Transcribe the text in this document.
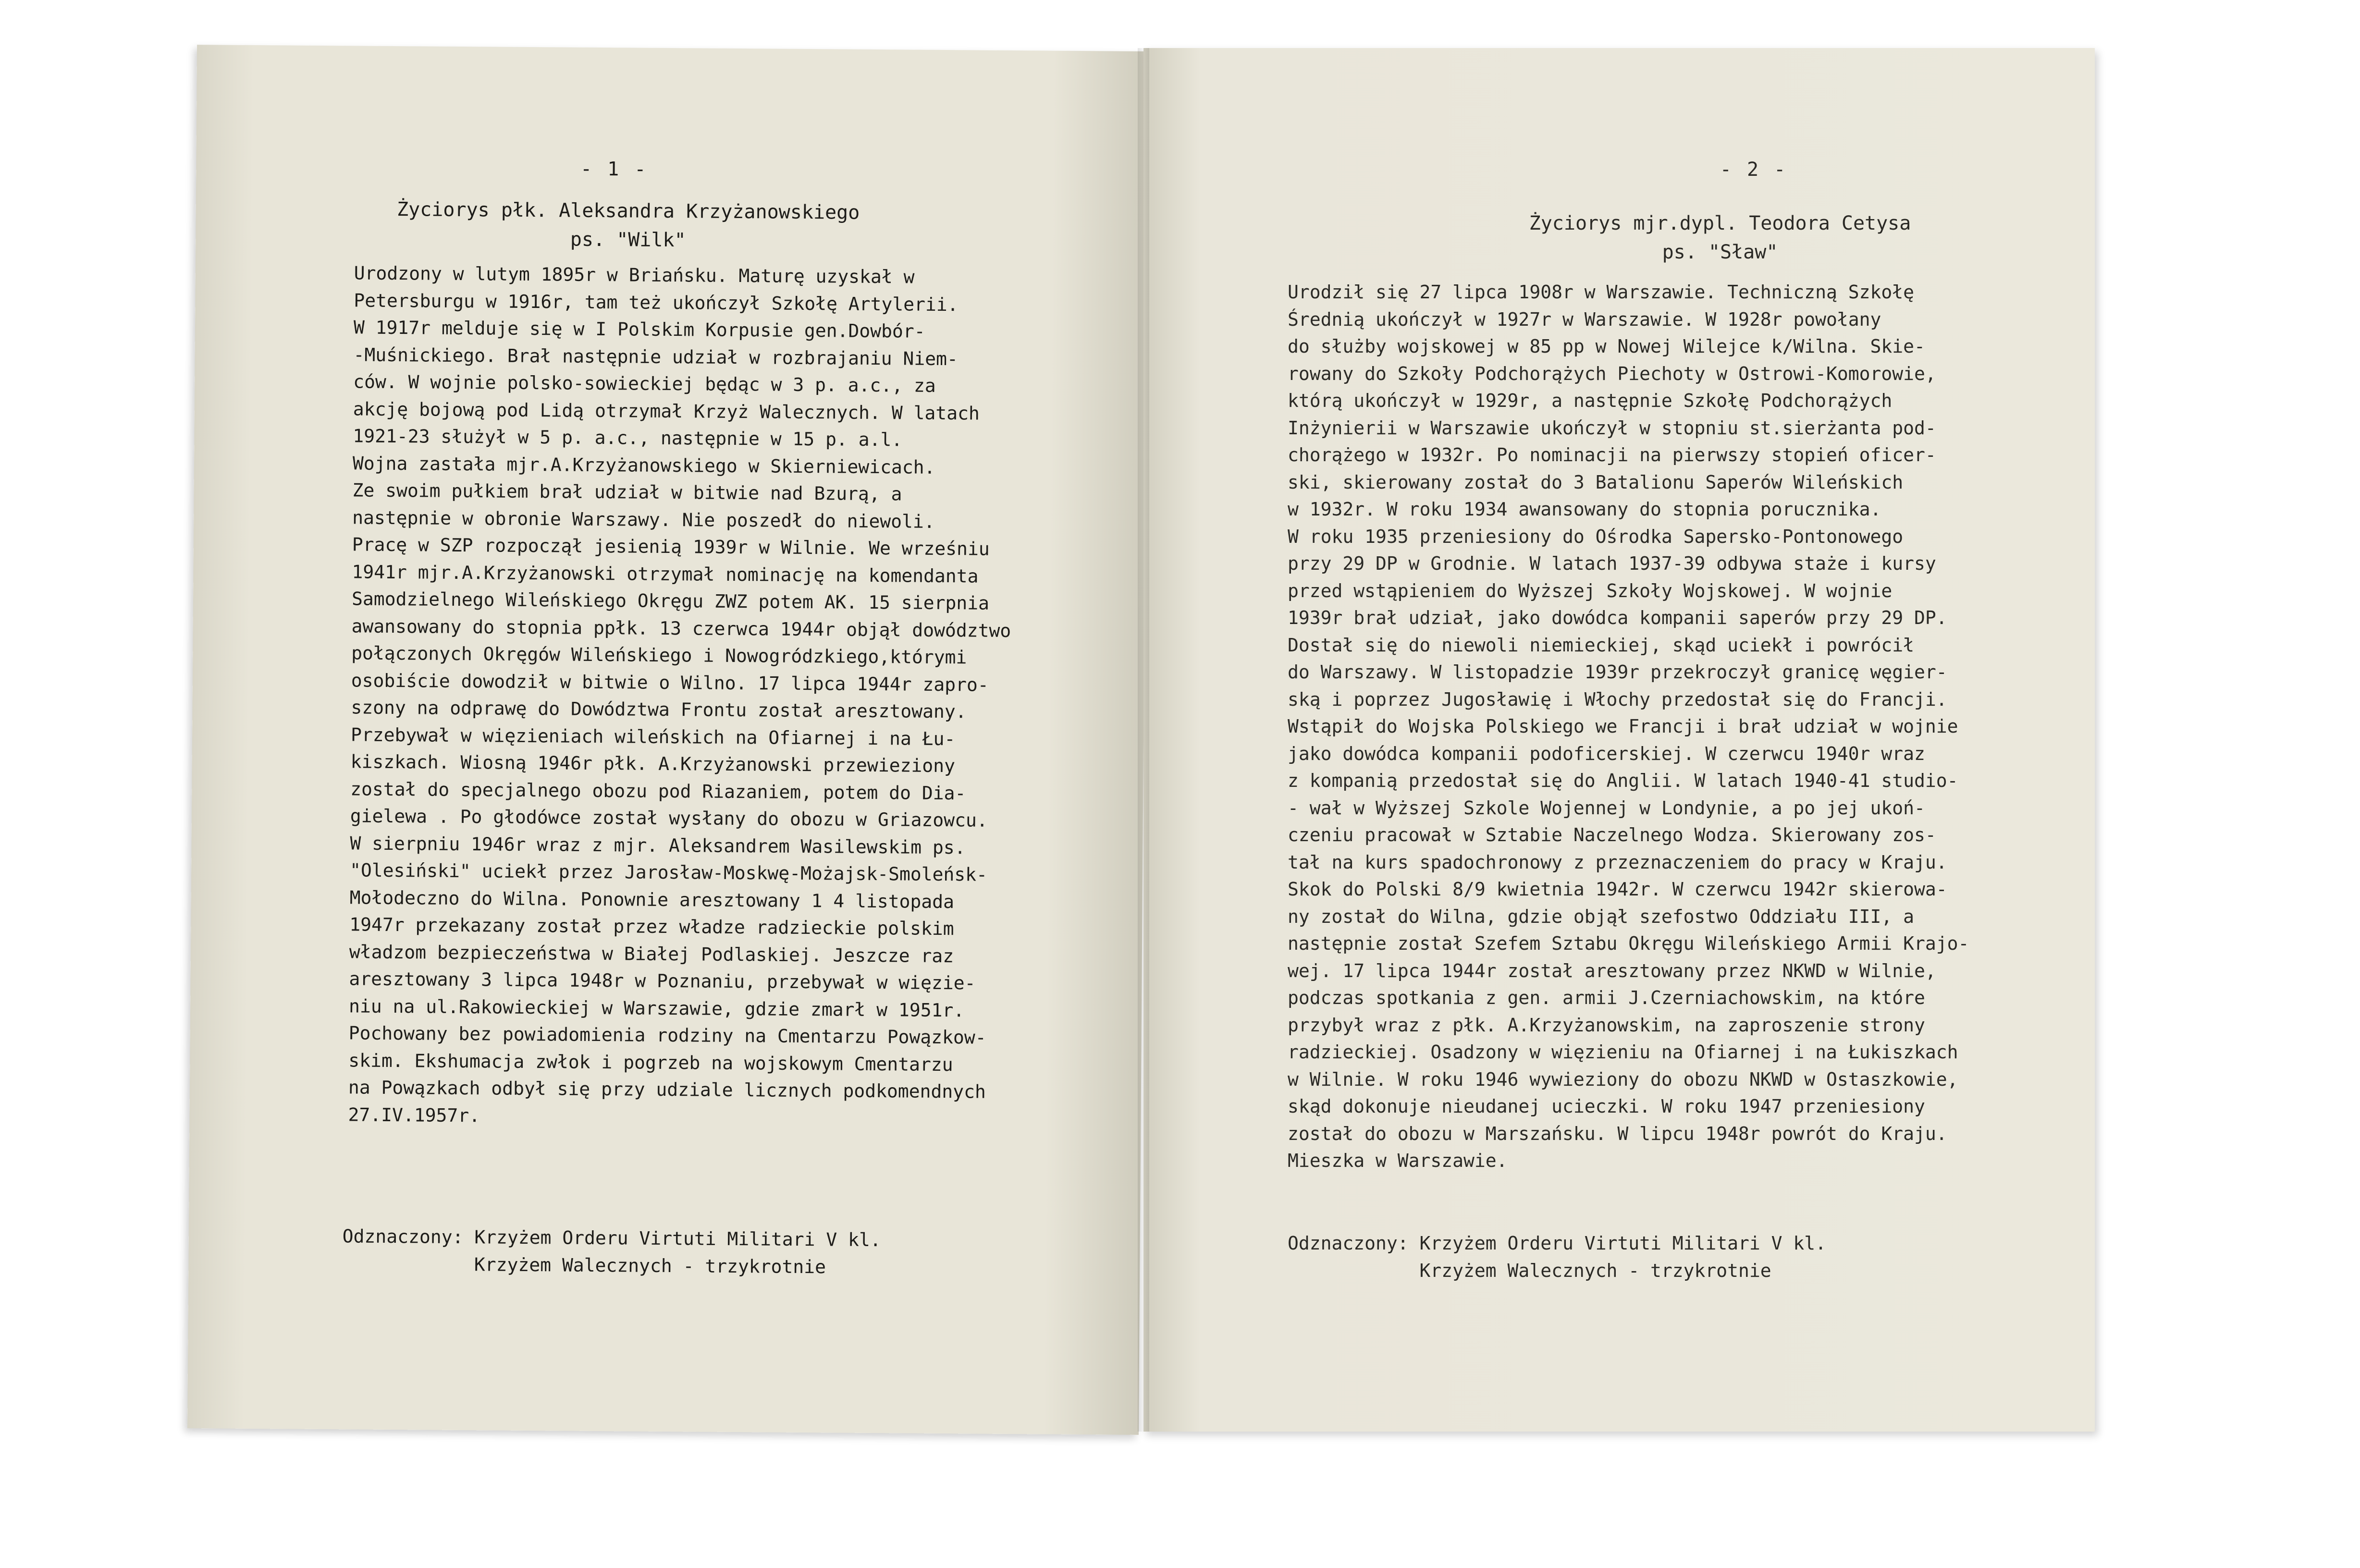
- 1 -
Życiorys płk. Aleksandra Krzyżanowskiego
ps. "Wilk"
Urodzony w lutym 1895r w Briańsku. Maturę uzyskał w
Petersburgu w 1916r, tam też ukończył Szkołę Artylerii.
W 1917r melduje się w I Polskim Korpusie gen.Dowbór-
-Muśnickiego. Brał następnie udział w rozbrajaniu Niem-
ców. W wojnie polsko-sowieckiej będąc w 3 p. a.c., za
akcję bojową pod Lidą otrzymał Krzyż Walecznych. W latach
1921-23 służył w 5 p. a.c., następnie w 15 p. a.l.
Wojna zastała mjr.A.Krzyżanowskiego w Skierniewicach.
Ze swoim pułkiem brał udział w bitwie nad Bzurą, a
następnie w obronie Warszawy. Nie poszedł do niewoli.
Pracę w SZP rozpoczął jesienią 1939r w Wilnie. We wrześniu
1941r mjr.A.Krzyżanowski otrzymał nominację na komendanta
Samodzielnego Wileńskiego Okręgu ZWZ potem AK. 15 sierpnia
awansowany do stopnia ppłk. 13 czerwca 1944r objął dowództwo
połączonych Okręgów Wileńskiego i Nowogródzkiego,którymi
osobiście dowodził w bitwie o Wilno. 17 lipca 1944r zapro-
szony na odprawę do Dowództwa Frontu został aresztowany.
Przebywał w więzieniach wileńskich na Ofiarnej i na Łu-
kiszkach. Wiosną 1946r płk. A.Krzyżanowski przewieziony
został do specjalnego obozu pod Riazaniem, potem do Dia-
gielewa . Po głodówce został wysłany do obozu w Griazowcu.
W sierpniu 1946r wraz z mjr. Aleksandrem Wasilewskim ps.
"Olesiński" uciekł przez Jarosław-Moskwę-Możajsk-Smoleńsk-
Mołodeczno do Wilna. Ponownie aresztowany 1 4 listopada
1947r przekazany został przez władze radzieckie polskim
władzom bezpieczeństwa w Białej Podlaskiej. Jeszcze raz
aresztowany 3 lipca 1948r w Poznaniu, przebywał w więzie-
niu na ul.Rakowieckiej w Warszawie, gdzie zmarł w 1951r.
Pochowany bez powiadomienia rodziny na Cmentarzu Powązkow-
skim. Ekshumacja zwłok i pogrzeb na wojskowym Cmentarzu
na Powązkach odbył się przy udziale licznych podkomendnych
27.IV.1957r.
Odznaczony: Krzyżem Orderu Virtuti Militari V kl.
Krzyżem Walecznych - trzykrotnie
- 2 -
Życiorys mjr.dypl. Teodora Cetysa
ps. "Sław"
Urodził się 27 lipca 1908r w Warszawie. Techniczną Szkołę
Średnią ukończył w 1927r w Warszawie. W 1928r powołany
do służby wojskowej w 85 pp w Nowej Wilejce k/Wilna. Skie-
rowany do Szkoły Podchorążych Piechoty w Ostrowi-Komorowie,
którą ukończył w 1929r, a następnie Szkołę Podchorążych
Inżynierii w Warszawie ukończył w stopniu st.sierżanta pod-
chorążego w 1932r. Po nominacji na pierwszy stopień oficer-
ski, skierowany został do 3 Batalionu Saperów Wileńskich
w 1932r. W roku 1934 awansowany do stopnia porucznika.
W roku 1935 przeniesiony do Ośrodka Sapersko-Pontonowego
przy 29 DP w Grodnie. W latach 1937-39 odbywa staże i kursy
przed wstąpieniem do Wyższej Szkoły Wojskowej. W wojnie
1939r brał udział, jako dowódca kompanii saperów przy 29 DP.
Dostał się do niewoli niemieckiej, skąd uciekł i powrócił
do Warszawy. W listopadzie 1939r przekroczył granicę węgier-
ską i poprzez Jugosławię i Włochy przedostał się do Francji.
Wstąpił do Wojska Polskiego we Francji i brał udział w wojnie
jako dowódca kompanii podoficerskiej. W czerwcu 1940r wraz
z kompanią przedostał się do Anglii. W latach 1940-41 studio-
- wał w Wyższej Szkole Wojennej w Londynie, a po jej ukoń-
czeniu pracował w Sztabie Naczelnego Wodza. Skierowany zos-
tał na kurs spadochronowy z przeznaczeniem do pracy w Kraju.
Skok do Polski 8/9 kwietnia 1942r. W czerwcu 1942r skierowa-
ny został do Wilna, gdzie objął szefostwo Oddziału III, a
następnie został Szefem Sztabu Okręgu Wileńskiego Armii Krajo-
wej. 17 lipca 1944r został aresztowany przez NKWD w Wilnie,
podczas spotkania z gen. armii J.Czerniachowskim, na które
przybył wraz z płk. A.Krzyżanowskim, na zaproszenie strony
radzieckiej. Osadzony w więzieniu na Ofiarnej i na Łukiszkach
w Wilnie. W roku 1946 wywieziony do obozu NKWD w Ostaszkowie,
skąd dokonuje nieudanej ucieczki. W roku 1947 przeniesiony
został do obozu w Marszańsku. W lipcu 1948r powrót do Kraju.
Mieszka w Warszawie.
Odznaczony: Krzyżem Orderu Virtuti Militari V kl.
Krzyżem Walecznych - trzykrotnie
